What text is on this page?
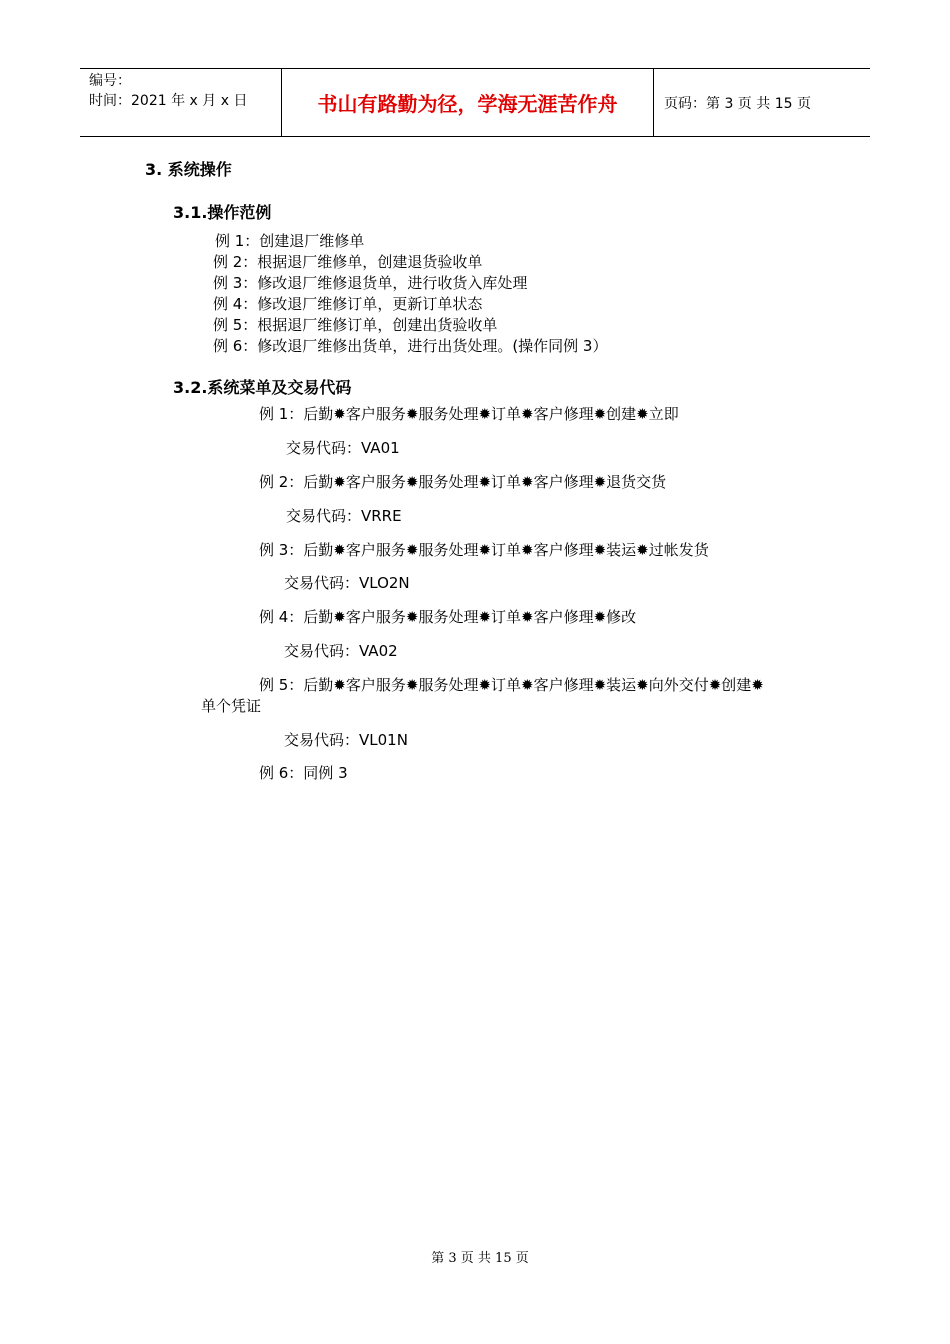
编号：
时间：2021 年 x 月 x 日	书山有路勤为径，学海无涯苦作舟	页码：第 3 页 共 15 页
3. 系统操作
3.1.操作范例
例 1：创建退厂维修单
例 2：根据退厂维修单，创建退货验收单
例 3：修改退厂维修退货单，进行收货入库处理
例 4：修改退厂维修订单，更新订单状态
例 5：根据退厂维修订单，创建出货验收单
例 6：修改退厂维修出货单，进行出货处理。(操作同例 3）
3.2.系统菜单及交易代码
例 1：后勤✹客户服务✹服务处理✹订单✹客户修理✹创建✹立即
交易代码：VA01
例 2：后勤✹客户服务✹服务处理✹订单✹客户修理✹退货交货
交易代码：VRRE
例 3：后勤✹客户服务✹服务处理✹订单✹客户修理✹装运✹过帐发货
交易代码：VLO2N
例 4：后勤✹客户服务✹服务处理✹订单✹客户修理✹修改
交易代码：VA02
例 5：后勤✹客户服务✹服务处理✹订单✹客户修理✹装运✹向外交付✹创建✹
单个凭证
交易代码：VL01N
例 6：同例 3
第 3 页 共 15 页
